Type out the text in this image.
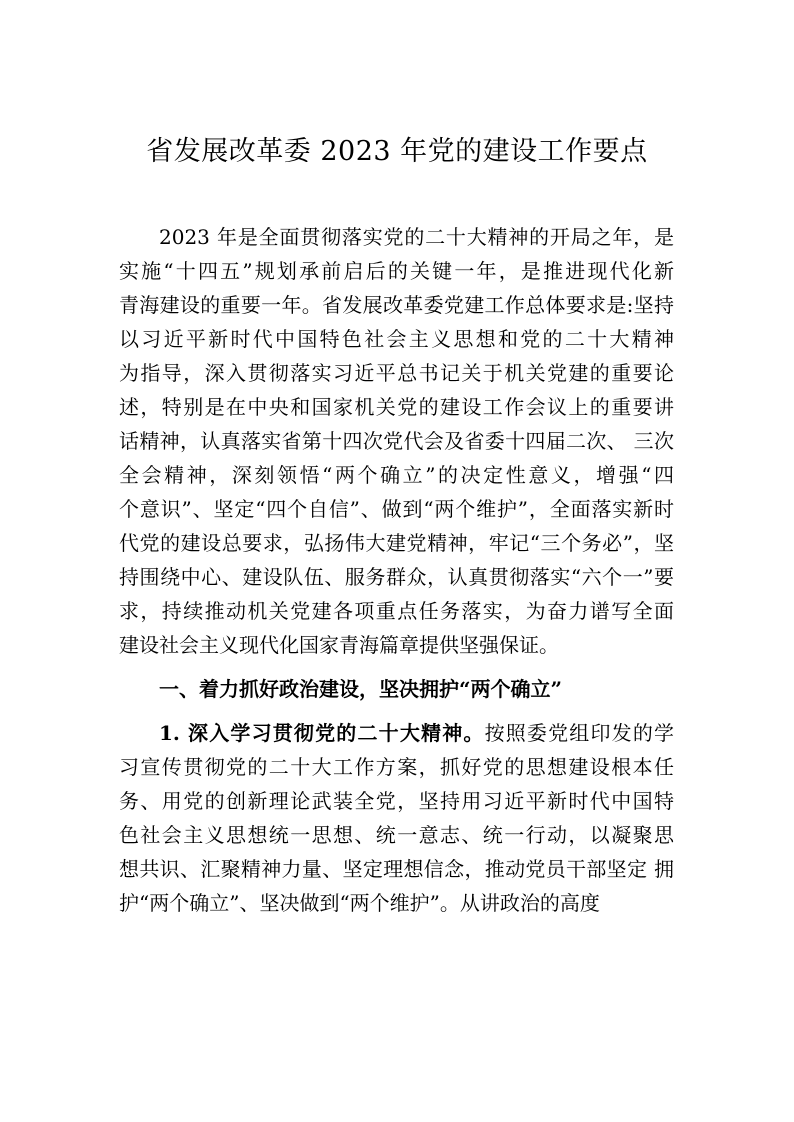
省发展改革委 2023 年党的建设工作要点
2023 年是全面贯彻落实党的二十大精神的开局之年，是
实施“十四五”规划承前启后的关键一年，是推进现代化新
青海建设的重要一年。省发展改革委党建工作总体要求是:坚持
以习近平新时代中国特色社会主义思想和党的二十大精神
为指导，深入贯彻落实习近平总书记关于机关党建的重要论
述，特别是在中央和国家机关党的建设工作会议上的重要讲
话精神，认真落实省第十四次党代会及省委十四届二次、 三次
全会精神，深刻领悟“两个确立”的决定性意义，增强“四
个意识”、坚定“四个自信”、做到“两个维护”，全面落实新时
代党的建设总要求，弘扬伟大建党精神，牢记“三个务必”，坚
持围绕中心、建设队伍、服务群众，认真贯彻落实“六个一”要
求，持续推动机关党建各项重点任务落实，为奋力谱写全面
建设社会主义现代化国家青海篇章提供坚强保证。
一、着力抓好政治建设，坚决拥护“两个确立”
1. 深入学习贯彻党的二十大精神。按照委党组印发的学
习宣传贯彻党的二十大工作方案，抓好党的思想建设根本任
务、用党的创新理论武装全党，坚持用习近平新时代中国特
色社会主义思想统一思想、统一意志、统一行动，以凝聚思
想共识、汇聚精神力量、坚定理想信念，推动党员干部坚定 拥
护“两个确立”、坚决做到“两个维护”。从讲政治的高度
